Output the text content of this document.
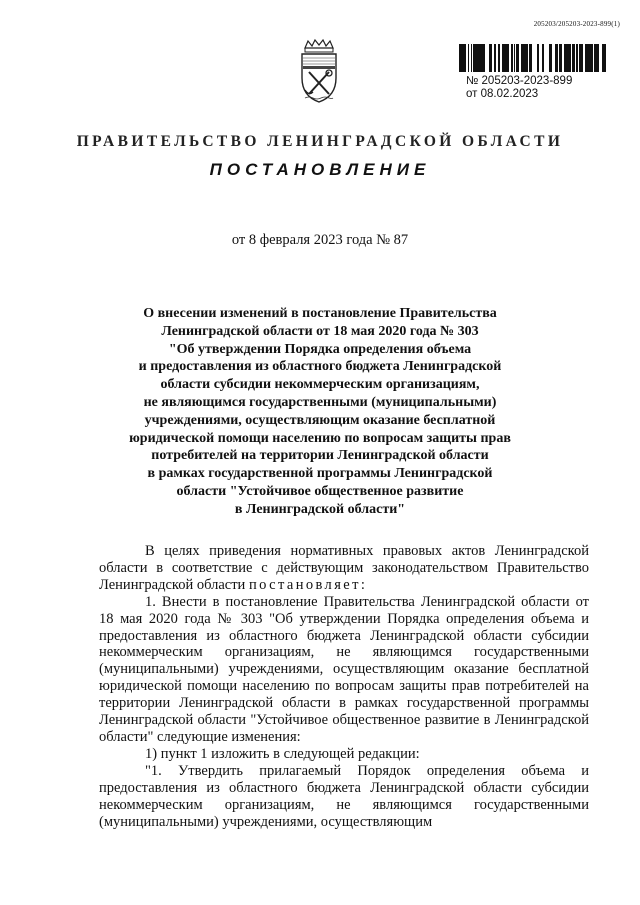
205203/205203-2023-899(1)
№ 205203-2023-899
от 08.02.2023
ПРАВИТЕЛЬСТВО ЛЕНИНГРАДСКОЙ ОБЛАСТИ
ПОСТАНОВЛЕНИЕ
от 8 февраля 2023 года № 87
О внесении изменений в постановление Правительства
Ленинградской области от 18 мая 2020 года № 303
"Об утверждении Порядка определения объема
и предоставления из областного бюджета Ленинградской
области субсидии некоммерческим организациям,
не являющимся государственными (муниципальными)
учреждениями, осуществляющим оказание бесплатной
юридической помощи населению по вопросам защиты прав
потребителей на территории Ленинградской области
в рамках государственной программы Ленинградской
области "Устойчивое общественное развитие
в Ленинградской области"

В целях приведения нормативных правовых актов Ленинградской области в соответствие с действующим законодательством Правительство Ленинградской области постановляет:

1. Внести в постановление Правительства Ленинградской области от 18 мая 2020 года № 303 "Об утверждении Порядка определения объема и предоставления из областного бюджета Ленинградской области субсидии некоммерческим организациям, не являющимся государственными (муниципальными) учреждениями, осуществляющим оказание бесплатной юридической помощи населению по вопросам защиты прав потребителей на территории Ленинградской области в рамках государственной программы Ленинградской области "Устойчивое общественное развитие в Ленинградской области" следующие изменения:

1) пункт 1 изложить в следующей редакции:

"1. Утвердить прилагаемый Порядок определения объема и предоставления из областного бюджета Ленинградской области субсидии некоммерческим организациям, не являющимся государственными (муниципальными) учреждениями, осуществляющим
